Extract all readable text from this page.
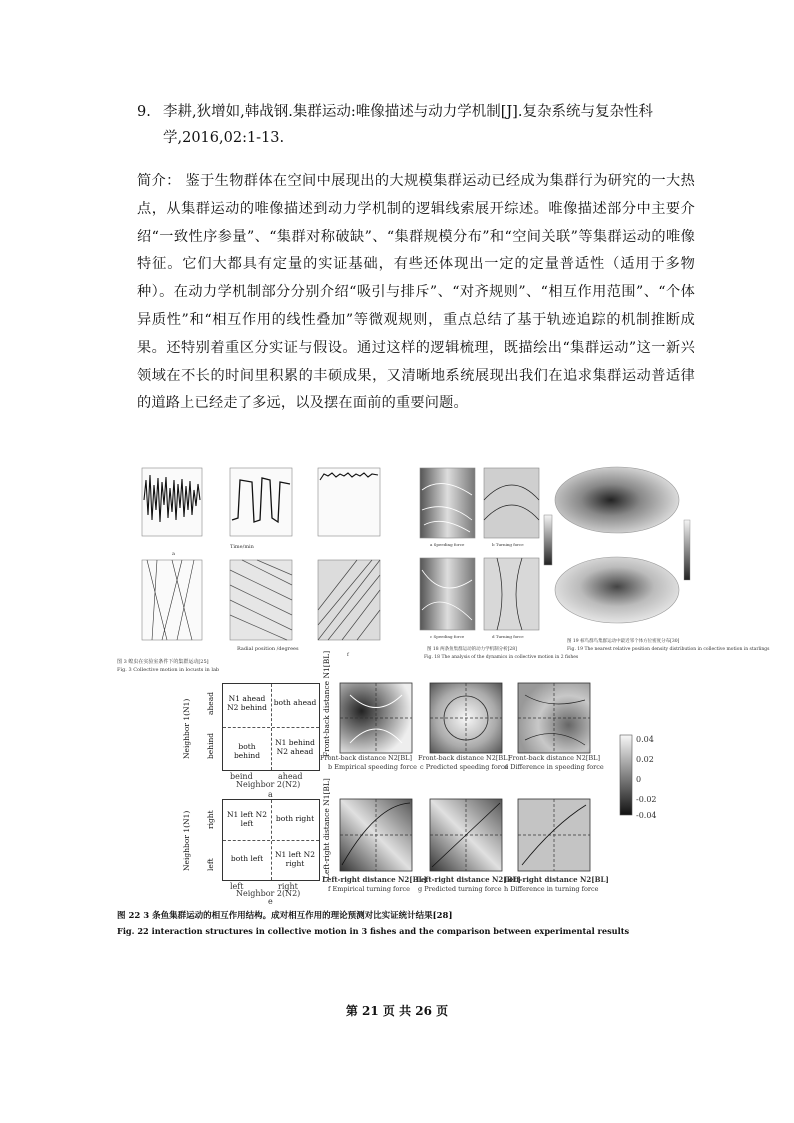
9. 李耕,狄增如,韩战钢.集群运动:唯像描述与动力学机制[J].复杂系统与复杂性科
学,2016,02:1-13.
简介： 鉴于生物群体在空间中展现出的大规模集群运动已经成为集群行为研究的一大热点，从集群运动的唯像描述到动力学机制的逻辑线索展开综述。唯像描述部分中主要介绍“一致性序参量”、“集群对称破缺”、“集群规模分布”和“空间关联”等集群运动的唯像特征。它们大都具有定量的实证基础，有些还体现出一定的定量普适性（适用于多物种）。在动力学机制部分分别介绍“吸引与排斥”、“对齐规则”、“相互作用范围”、“个体异质性”和“相互作用的线性叠加”等微观规则，重点总结了基于轨迹追踪的机制推断成果。还特别着重区分实证与假设。通过这样的逻辑梳理，既描绘出“集群运动”这一新兴领域在不长的时间里积累的丰硕成果，又清晰地系统展现出我们在追求集群运动普适律的道路上已经走了多远，以及摆在面前的重要问题。
Time/min
a
Radial position /degrees
f
图 3 蝗虫在实验室条件下的集群运动[25]
Fig. 3 Collective motion in locusts in lab
a Speeding force	b Turning force
c Speeding force	d Turning force
图 18 两条鱼集群运动的动力学机制分析[28]
Fig. 18 The analysis of the dynamics in collective motion in 2 fishes
图 19 椋鸟群鸟集群运动中最近邻个体方位密度分布[30]
Fig. 19 The nearest relative position density distribution in collective motion in starlings
N1 ahead N2 behind
both ahead
both behind
N1 behind N2 ahead
Neighbor 1(N1) ahead
behind
beind	ahead
Neighbor 2(N2)
a
N1 left N2 left
both right
both left	N1 left N2 right
Neighbor 1(N1) right
left
left	right
Neighbor 2(N2)
e
Front-back distance N1[BL]
Left-right distance N1[BL]
Front-back distance N2[BL]
b Empirical speeding force
Front-back distance N2[BL]
c Predicted speeding force
Front-back distance N2[BL]
d Difference in speeding force
Left-right distance N2[BL]
f Empirical turning force
Left-right distance N2[BL]
g Predicted turning force
Left-right distance N2[BL]
h Difference in turning force
0.04
0.02
0
-0.02
-0.04
图 22 3 条鱼集群运动的相互作用结构。成对相互作用的理论预测对比实证统计结果[28]
Fig. 22 interaction structures in collective motion in 3 fishes and the comparison between experimental results
第 21 页 共 26 页
